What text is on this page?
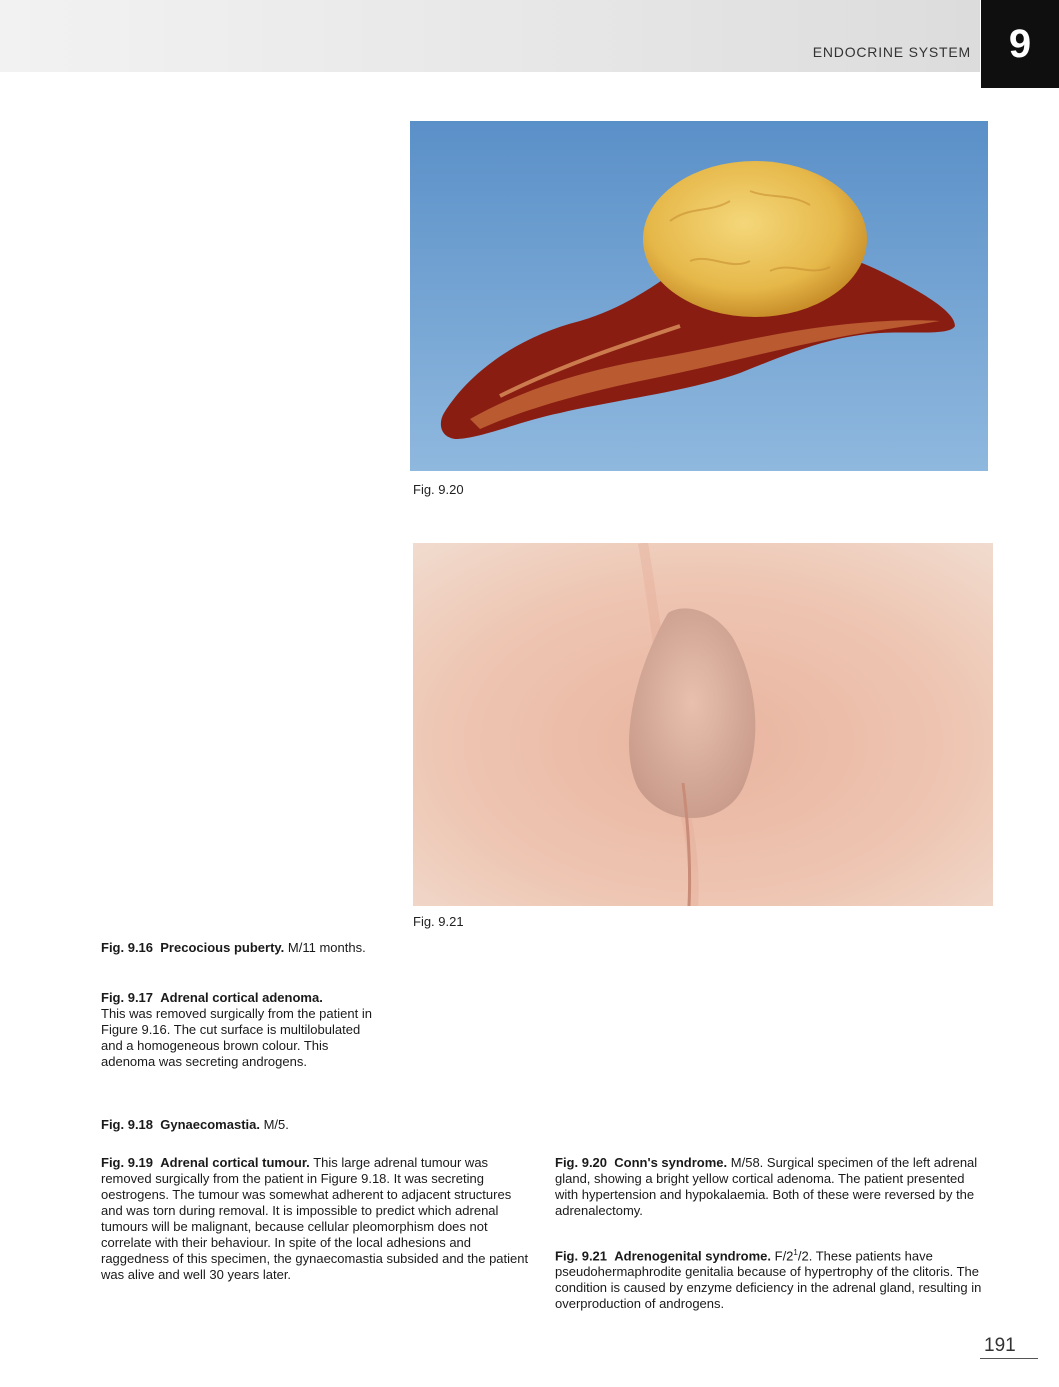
ENDOCRINE SYSTEM 9
Fig. 9.20
Fig. 9.21
Fig. 9.16 Precocious puberty. M/11 months.
Fig. 9.17 Adrenal cortical adenoma.
This was removed surgically from the patient in Figure 9.16. The cut surface is multilobulated and a homogeneous brown colour. This adenoma was secreting androgens.
Fig. 9.18 Gynaecomastia. M/5.
Fig. 9.19 Adrenal cortical tumour. This large adrenal tumour was removed surgically from the patient in Figure 9.18. It was secreting oestrogens. The tumour was somewhat adherent to adjacent structures and was torn during removal. It is impossible to predict which adrenal tumours will be malignant, because cellular pleomorphism does not correlate with their behaviour. In spite of the local adhesions and raggedness of this specimen, the gynaecomastia subsided and the patient was alive and well 30 years later.
Fig. 9.20 Conn's syndrome. M/58. Surgical specimen of the left adrenal gland, showing a bright yellow cortical adenoma. The patient presented with hypertension and hypokalaemia. Both of these were reversed by the adrenalectomy.
Fig. 9.21 Adrenogenital syndrome. $F/2^1/2$. These patients have pseudohermaphrodite genitalia because of hypertrophy of the clitoris. The condition is caused by enzyme deficiency in the adrenal gland, resulting in overproduction of androgens.
191
